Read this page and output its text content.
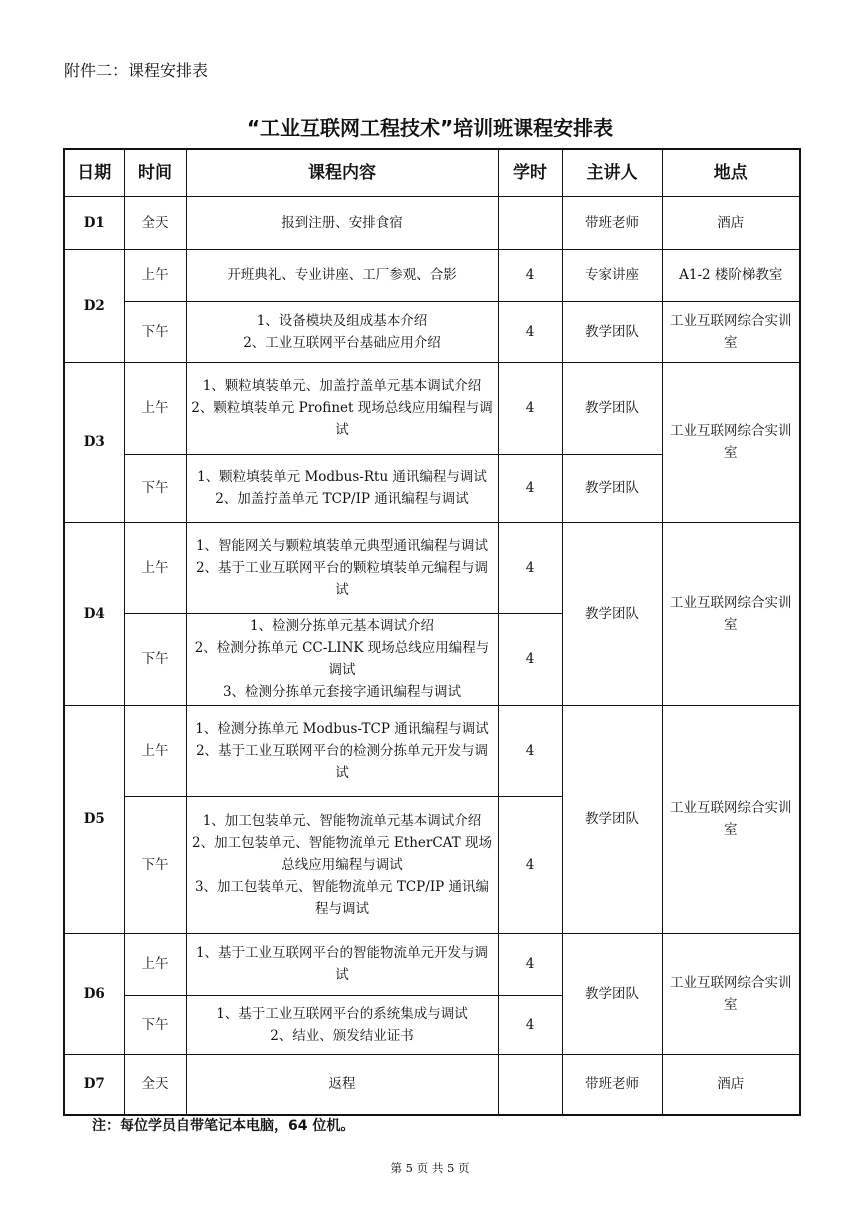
附件二：课程安排表
“工业互联网工程技术”培训班课程安排表
日期	时间	课程内容	学时	主讲人	地点
D1	全天	报到注册、安排食宿		带班老师	酒店
D2	上午	开班典礼、专业讲座、工厂参观、合影	4	专家讲座	A1-2 楼阶梯教室
	下午	1、设备模块及组成基本介绍
2、工业互联网平台基础应用介绍	4	教学团队	工业互联网综合实训室
D3	上午	1、颗粒填装单元、加盖拧盖单元基本调试介绍
2、颗粒填装单元 Profinet 现场总线应用编程与调试	4	教学团队	工业互联网综合实训室
	下午	1、颗粒填装单元 Modbus-Rtu 通讯编程与调试
2、加盖拧盖单元 TCP/IP 通讯编程与调试	4	教学团队	
D4	上午	1、智能网关与颗粒填装单元典型通讯编程与调试
2、基于工业互联网平台的颗粒填装单元编程与调试	4	教学团队	工业互联网综合实训室
	下午	1、检测分拣单元基本调试介绍
2、检测分拣单元 CC-LINK 现场总线应用编程与调试
3、检测分拣单元套接字通讯编程与调试	4		
D5	上午	1、检测分拣单元 Modbus-TCP 通讯编程与调试
2、基于工业互联网平台的检测分拣单元开发与调试	4	教学团队	工业互联网综合实训室
	下午	1、加工包装单元、智能物流单元基本调试介绍
2、加工包装单元、智能物流单元 EtherCAT 现场总线应用编程与调试
3、加工包装单元、智能物流单元 TCP/IP 通讯编程与调试	4		
D6	上午	1、基于工业互联网平台的智能物流单元开发与调试	4	教学团队	工业互联网综合实训室
	下午	1、基于工业互联网平台的系统集成与调试
2、结业、颁发结业证书	4		
D7	全天	返程		带班老师	酒店
注：每位学员自带笔记本电脑，64 位机。
第 5 页 共 5 页
